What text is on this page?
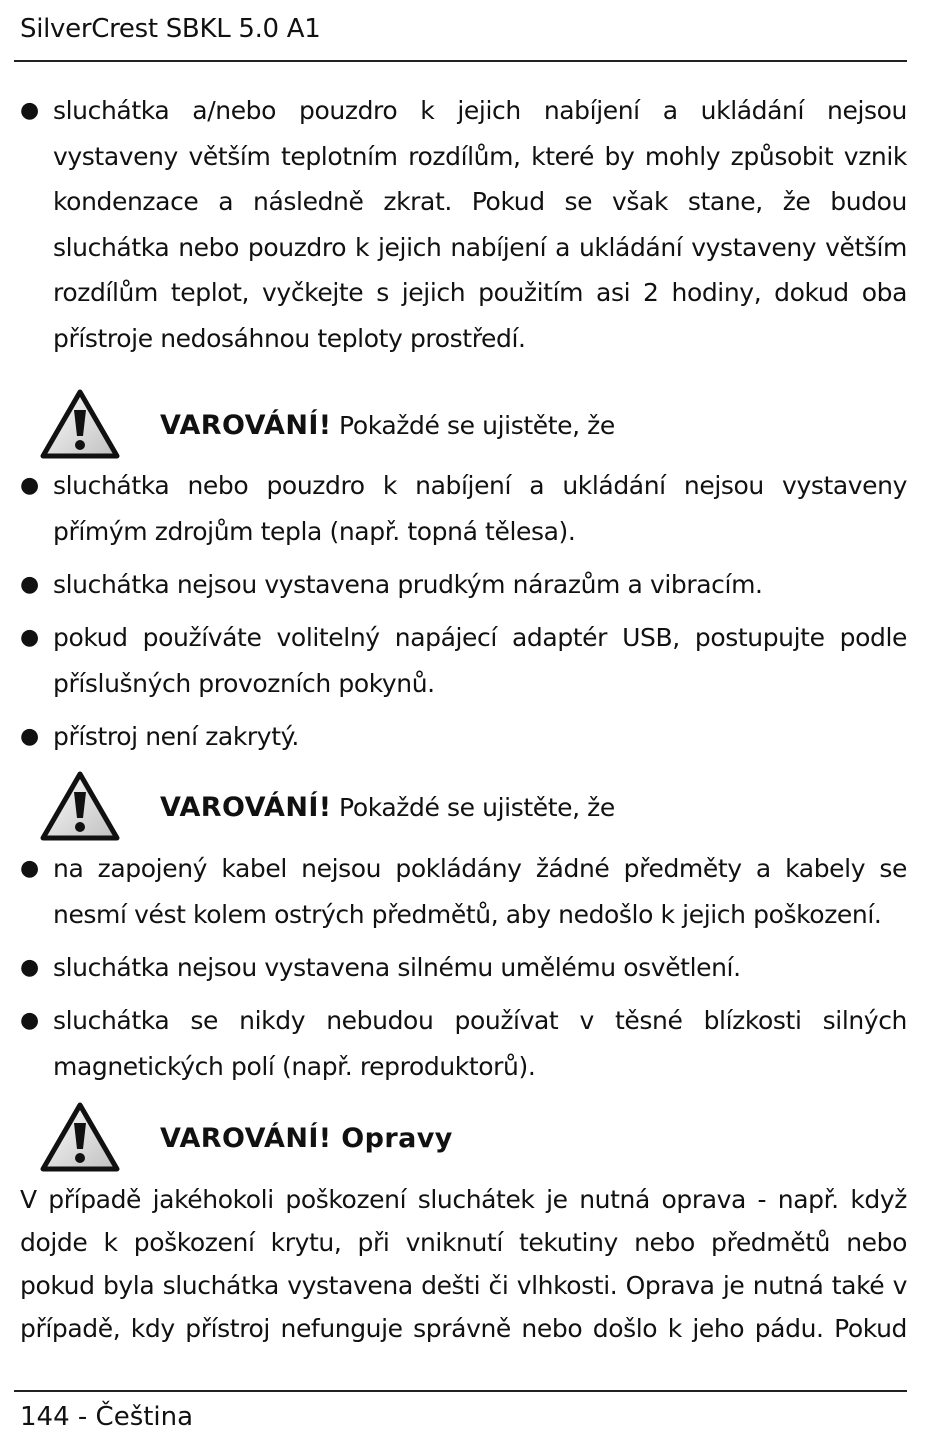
SilverCrest SBKL 5.0 A1
● sluchátka a/nebo pouzdro k jejich nabíjení a ukládání nejsou vystaveny větším teplotním rozdílům, které by mohly způsobit vznik kondenzace a následně zkrat. Pokud se však stane, že budou sluchátka nebo pouzdro k jejich nabíjení a ukládání vystaveny větším rozdílům teplot, vyčkejte s jejich použitím asi 2 hodiny, dokud oba přístroje nedosáhnou teploty prostředí.
VAROVÁNÍ! Pokaždé se ujistěte, že
● sluchátka nebo pouzdro k nabíjení a ukládání nejsou vystaveny přímým zdrojům tepla (např. topná tělesa).
● sluchátka nejsou vystavena prudkým nárazům a vibracím.
● pokud používáte volitelný napájecí adaptér USB, postupujte podle příslušných provozních pokynů.
● přístroj není zakrytý.
VAROVÁNÍ! Pokaždé se ujistěte, že
● na zapojený kabel nejsou pokládány žádné předměty a kabely se nesmí vést kolem ostrých předmětů, aby nedošlo k jejich poškození.
● sluchátka nejsou vystavena silnému umělému osvětlení.
● sluchátka se nikdy nebudou používat v těsné blízkosti silných magnetických polí (např. reproduktorů).
VAROVÁNÍ! Opravy
V případě jakéhokoli poškození sluchátek je nutná oprava - např. když dojde k poškození krytu, při vniknutí tekutiny nebo předmětů nebo pokud byla sluchátka vystavena dešti či vlhkosti. Oprava je nutná také v případě, kdy přístroj nefunguje správně nebo došlo k jeho pádu. Pokud
144 - Čeština
